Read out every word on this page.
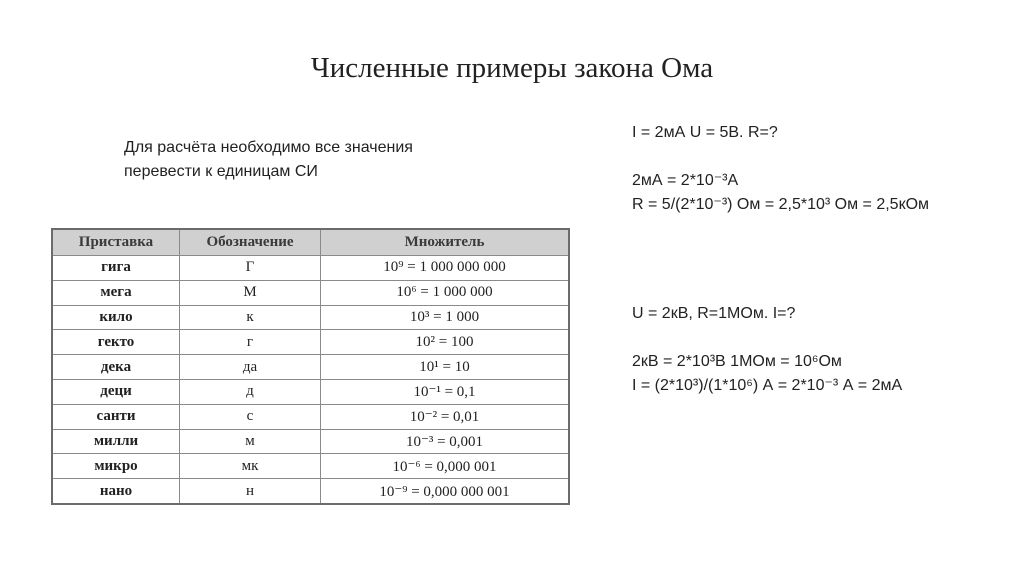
Численные примеры закона Ома
Для расчёта необходимо все значения
перевести к единицам СИ
Приставка	Обозначение	Множитель
гига	Г	10⁹ = 1 000 000 000
мега	М	10⁶ = 1 000 000
кило	к	10³ = 1 000
гекто	г	10² = 100
дека	да	10¹ = 10
деци	д	10⁻¹ = 0,1
санти	с	10⁻² = 0,01
милли	м	10⁻³ = 0,001
микро	мк	10⁻⁶ = 0,000 001
нано	н	10⁻⁹ = 0,000 000 001
I = 2мА U = 5В. R=?
2мА = 2*10⁻³А
R = 5/(2*10⁻³) Ом = 2,5*10³ Ом = 2,5кОм
U = 2кВ, R=1МОм. I=?
2кВ = 2*10³В 1МОм = 10⁶Ом
I = (2*10³)/(1*10⁶) А = 2*10⁻³ А = 2мА
